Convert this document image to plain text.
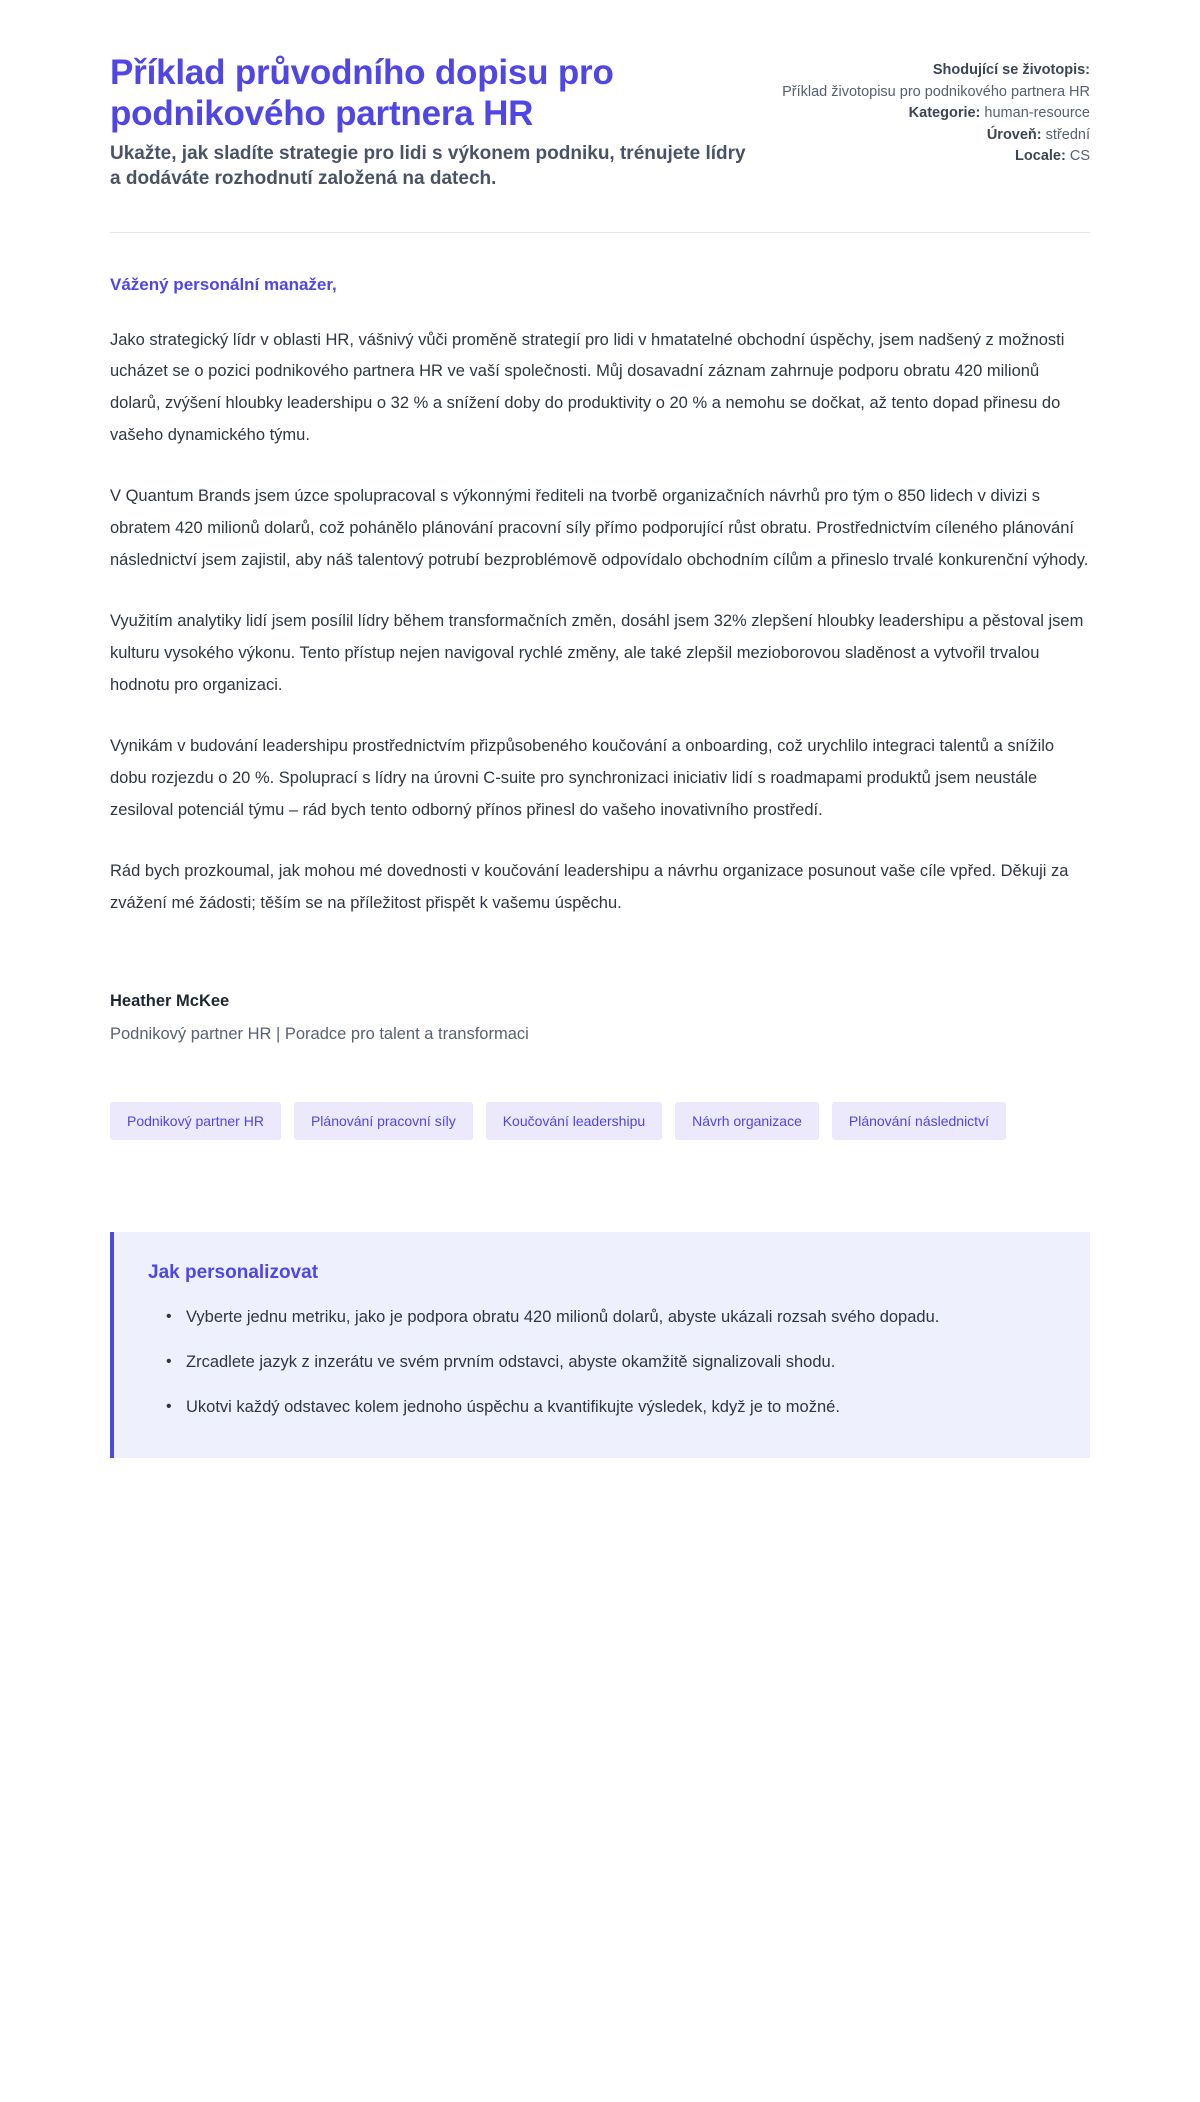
Příklad průvodního dopisu pro podnikového partnera HR

Ukažte, jak sladíte strategie pro lidi s výkonem podniku, trénujete lídry a dodáváte rozhodnutí založená na datech.

Shodující se životopis:
Příklad životopisu pro podnikového partnera HR
Kategorie: human-resource
Úroveň: střední
Locale: CS

Vážený personální manažer,

Jako strategický lídr v oblasti HR, vášnivý vůči proměně strategií pro lidi v hmatatelné obchodní úspěchy, jsem nadšený z možnosti ucházet se o pozici podnikového partnera HR ve vaší společnosti. Můj dosavadní záznam zahrnuje podporu obratu 420 milionů dolarů, zvýšení hloubky leadershipu o 32 % a snížení doby do produktivity o 20 % a nemohu se dočkat, až tento dopad přinesu do vašeho dynamického týmu.

V Quantum Brands jsem úzce spolupracoval s výkonnými řediteli na tvorbě organizačních návrhů pro tým o 850 lidech v divizi s obratem 420 milionů dolarů, což pohánělo plánování pracovní síly přímo podporující růst obratu. Prostřednictvím cíleného plánování následnictví jsem zajistil, aby náš talentový potrubí bezproblémově odpovídalo obchodním cílům a přineslo trvalé konkurenční výhody.

Využitím analytiky lidí jsem posílil lídry během transformačních změn, dosáhl jsem 32% zlepšení hloubky leadershipu a pěstoval jsem kulturu vysokého výkonu. Tento přístup nejen navigoval rychlé změny, ale také zlepšil mezioborovou sladěnost a vytvořil trvalou hodnotu pro organizaci.

Vynikám v budování leadershipu prostřednictvím přizpůsobeného koučování a onboarding, což urychlilo integraci talentů a snížilo dobu rozjezdu o 20 %. Spoluprací s lídry na úrovni C-suite pro synchronizaci iniciativ lidí s roadmapami produktů jsem neustále zesiloval potenciál týmu – rád bych tento odborný přínos přinesl do vašeho inovativního prostředí.

Rád bych prozkoumal, jak mohou mé dovednosti v koučování leadershipu a návrhu organizace posunout vaše cíle vpřed. Děkuji za zvážení mé žádosti; těším se na příležitost přispět k vašemu úspěchu.

Heather McKee

Podnikový partner HR | Poradce pro talent a transformaci

Podnikový partner HR	Plánování pracovní síly	Koučování leadershipu	Návrh organizace	Plánování následnictví
Jak personalizovat
• Vyberte jednu metriku, jako je podpora obratu 420 milionů dolarů, abyste ukázali rozsah svého dopadu.
• Zrcadlete jazyk z inzerátu ve svém prvním odstavci, abyste okamžitě signalizovali shodu.
• Ukotvi každý odstavec kolem jednoho úspěchu a kvantifikujte výsledek, když je to možné.
